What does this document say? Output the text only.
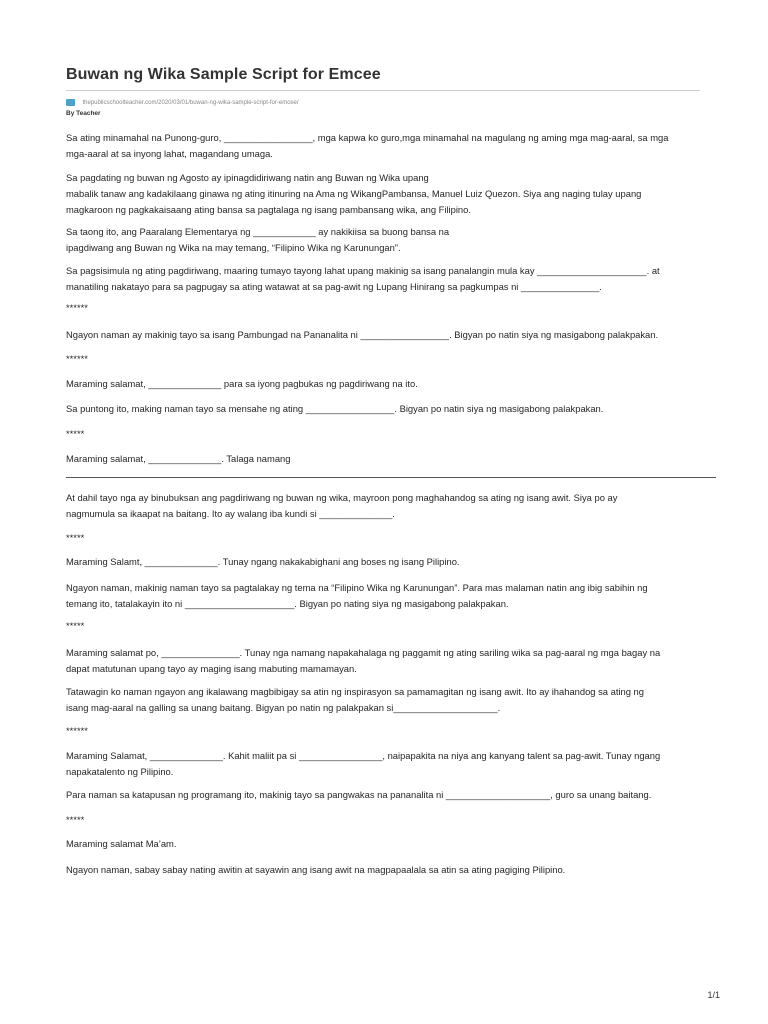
Buwan ng Wika Sample Script for Emcee
thepublicschoolteacher.com/2020/03/01/buwan-ng-wika-sample-script-for-emcee/
By Teacher
Sa ating minamahal na Punong-guro, _________________, mga kapwa ko guro,mga minamahal na magulang ng aming mga mag-aaral, sa mga
mga-aaral at sa inyong lahat, magandang umaga.
Sa pagdating ng buwan ng Agosto ay ipinagdidiriwang natin ang Buwan ng Wika upang
mabalik tanaw ang kadakilaang ginawa ng ating itinuring na Ama ng WikangPambansa, Manuel Luiz Quezon. Siya ang naging tulay upang
magkaroon ng pagkakaisaang ating bansa sa pagtalaga ng isang pambansang wika, ang Filipino.
Sa taong ito, ang Paaralang Elementarya ng ____________ ay nakikiisa sa buong bansa na
ipagdiwang ang Buwan ng Wika na may temang, “Filipino Wika ng Karunungan”.
Sa pagsisimula ng ating pagdiriwang, maaring tumayo tayong lahat upang makinig sa isang panalangin mula kay _____________________. at
manatiling nakatayo para sa pagpugay sa ating watawat at sa pag-awit ng Lupang Hinirang sa pagkumpas ni _______________.
******
Ngayon naman ay makinig tayo sa isang Pambungad na Pananalita ni _________________. Bigyan po natin siya ng masigabong palakpakan.
******
Maraming salamat, ______________ para sa iyong pagbukas ng pagdiriwang na ito.
Sa puntong ito, making naman tayo sa mensahe ng ating _________________. Bigyan po natin siya ng masigabong palakpakan.
*****
Maraming salamat, ______________. Talaga namang
At dahil tayo nga ay binubuksan ang pagdiriwang ng buwan ng wika, mayroon pong maghahandog sa ating ng isang awit. Siya po ay
nagmumula sa ikaapat na baitang. Ito ay walang iba kundi si ______________.
*****
Maraming Salamt, ______________. Tunay ngang nakakabighani ang boses ng isang Pilipino.
Ngayon naman, makinig naman tayo sa pagtalakay ng tema na “Filipino Wika ng Karunungan”. Para mas malaman natin ang ibig sabihin ng
temang ito, tatalakayin ito ni _____________________. Bigyan po nating siya ng masigabong palakpakan.
*****
Maraming salamat po, _______________. Tunay nga namang napakahalaga ng paggamit ng ating sariling wika sa pag-aaral ng mga bagay na
dapat matutunan upang tayo ay maging isang mabuting mamamayan.
Tatawagin ko naman ngayon ang ikalawang magbibigay sa atin ng inspirasyon sa pamamagitan ng isang awit. Ito ay ihahandog sa ating ng
isang mag-aaral na galling sa unang baitang. Bigyan po natin ng palakpakan si____________________.
******
Maraming Salamat, ______________. Kahit maliit pa si ________________, naipapakita na niya ang kanyang talent sa pag-awit. Tunay ngang
napakatalento ng Pilipino.
Para naman sa katapusan ng programang ito, makinig tayo sa pangwakas na pananalita ni ____________________, guro sa unang baitang.
*****
Maraming salamat Ma’am.
Ngayon naman, sabay sabay nating awitin at sayawin ang isang awit na magpapaalala sa atin sa ating pagiging Pilipino.
1/1
